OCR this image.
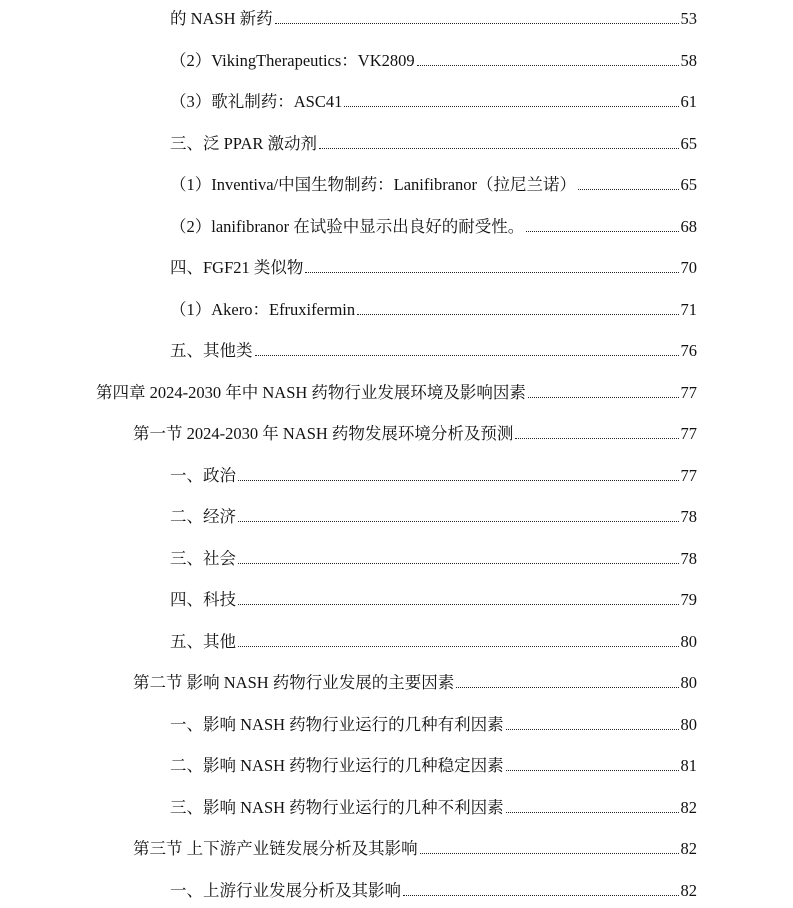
的 NASH 新药	53
（2）VikingTherapeutics：VK2809	58
（3）歌礼制药：ASC41	61
三、泛 PPAR 激动剂	65
（1）Inventiva/中国生物制药：Lanifibranor（拉尼兰诺）	65
（2）lanifibranor 在试验中显示出良好的耐受性。	68
四、FGF21 类似物	70
（1）Akero：Efruxifermin	71
五、其他类	76
第四章 2024-2030 年中 NASH 药物行业发展环境及影响因素	77
第一节 2024-2030 年 NASH 药物发展环境分析及预测	77
一、政治	77
二、经济	78
三、社会	78
四、科技	79
五、其他	80
第二节 影响 NASH 药物行业发展的主要因素	80
一、影响 NASH 药物行业运行的几种有利因素	80
二、影响 NASH 药物行业运行的几种稳定因素	81
三、影响 NASH 药物行业运行的几种不利因素	82
第三节 上下游产业链发展分析及其影响	82
一、上游行业发展分析及其影响	82
